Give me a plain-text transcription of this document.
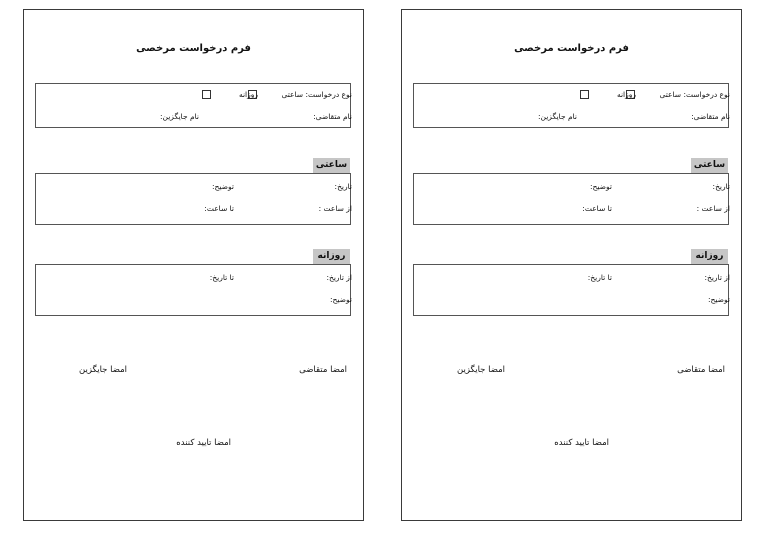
فرم درخواست مرخصی
نوع درخواست:
ساعتی
روزانه
نام متقاضی:
نام جایگزین:
ساعتی
تاریخ:
توضیح:
از ساعت :
تا ساعت:
روزانه
از تاریخ:
تا تاریخ:
توضیح:
امضا متقاضی
امضا جایگزین
امضا تایید کننده
فرم درخواست مرخصی
نوع درخواست:
ساعتی
روزانه
نام متقاضی:
نام جایگزین:
ساعتی
تاریخ:
توضیح:
از ساعت :
تا ساعت:
روزانه
از تاریخ:
تا تاریخ:
توضیح:
امضا متقاضی
امضا جایگزین
امضا تایید کننده
